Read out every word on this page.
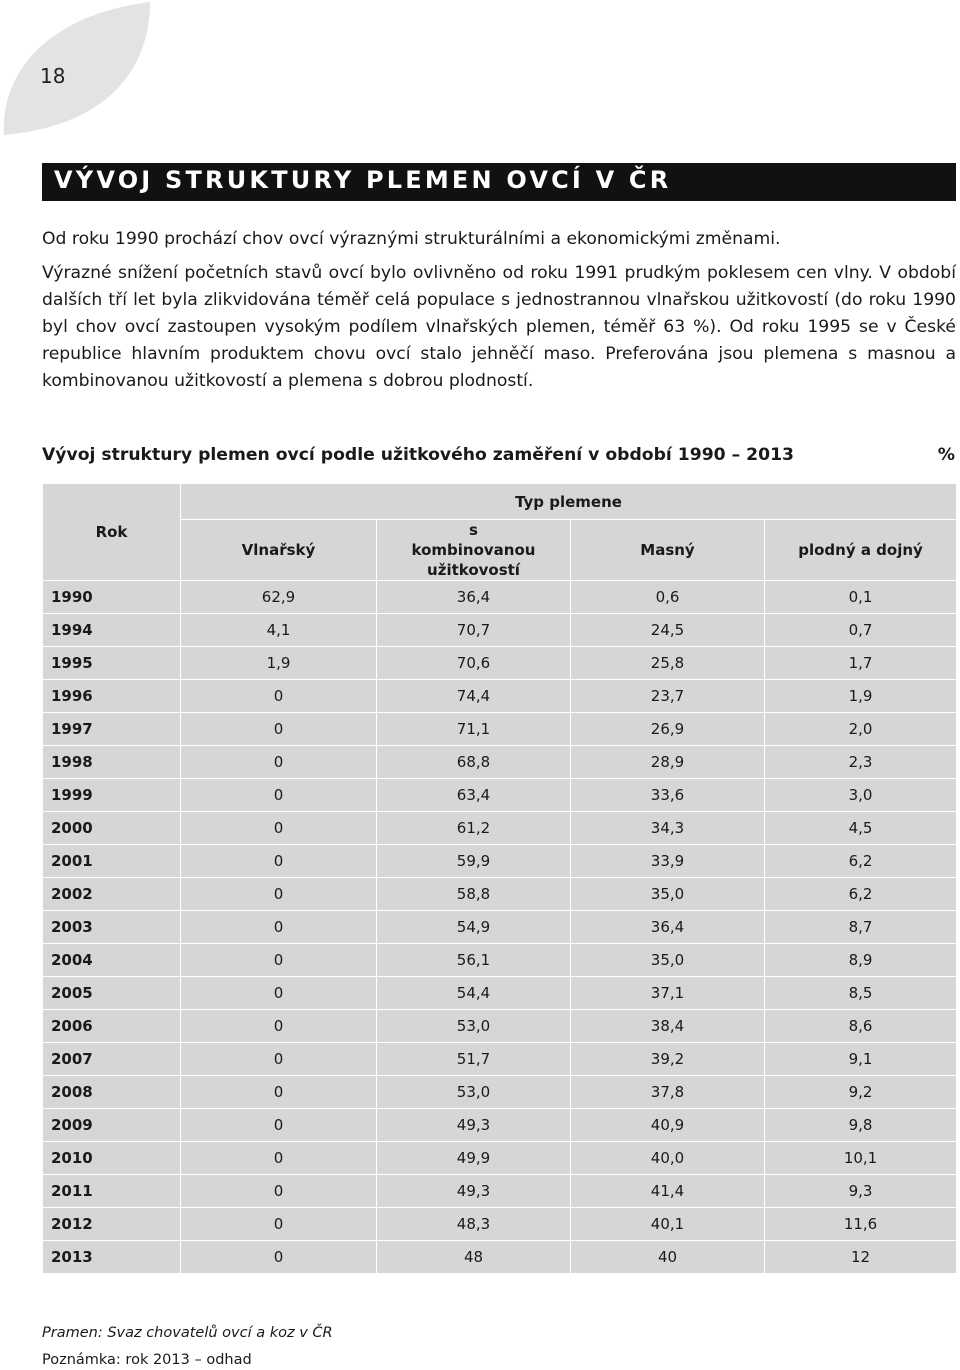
18
VÝVOJ STRUKTURY PLEMEN OVCÍ V ČR

Od roku 1990 prochází chov ovcí výraznými strukturálními a ekonomickými změnami.

Výrazné snížení početních stavů ovcí bylo ovlivněno od roku 1991 prudkým poklesem cen vlny. V období dalších tří let byla zlikvidována téměř celá populace s jednostrannou vlnařskou užitkovostí (do roku 1990 byl chov ovcí zastoupen vysokým podílem vlnařských plemen, téměř 63 %). Od roku 1995 se v České republice hlavním produktem chovu ovcí stalo jehněčí maso. Preferována jsou plemena s masnou a kombinovanou užitkovostí a plemena s dobrou plodností.

Vývoj struktury plemen ovcí podle užitkového zaměření v období 1990 – 2013	%
Rok	Typ plemene			
	Vlnařský	s kombinovanou užitkovostí	Masný	plodný a dojný
1990	62,9	36,4	0,6	0,1
1994	4,1	70,7	24,5	0,7
1995	1,9	70,6	25,8	1,7
1996	0	74,4	23,7	1,9
1997	0	71,1	26,9	2,0
1998	0	68,8	28,9	2,3
1999	0	63,4	33,6	3,0
2000	0	61,2	34,3	4,5
2001	0	59,9	33,9	6,2
2002	0	58,8	35,0	6,2
2003	0	54,9	36,4	8,7
2004	0	56,1	35,0	8,9
2005	0	54,4	37,1	8,5
2006	0	53,0	38,4	8,6
2007	0	51,7	39,2	9,1
2008	0	53,0	37,8	9,2
2009	0	49,3	40,9	9,8
2010	0	49,9	40,0	10,1
2011	0	49,3	41,4	9,3
2012	0	48,3	40,1	11,6
2013	0	48	40	12
Pramen: Svaz chovatelů ovcí a koz v ČR
Poznámka: rok 2013 – odhad
